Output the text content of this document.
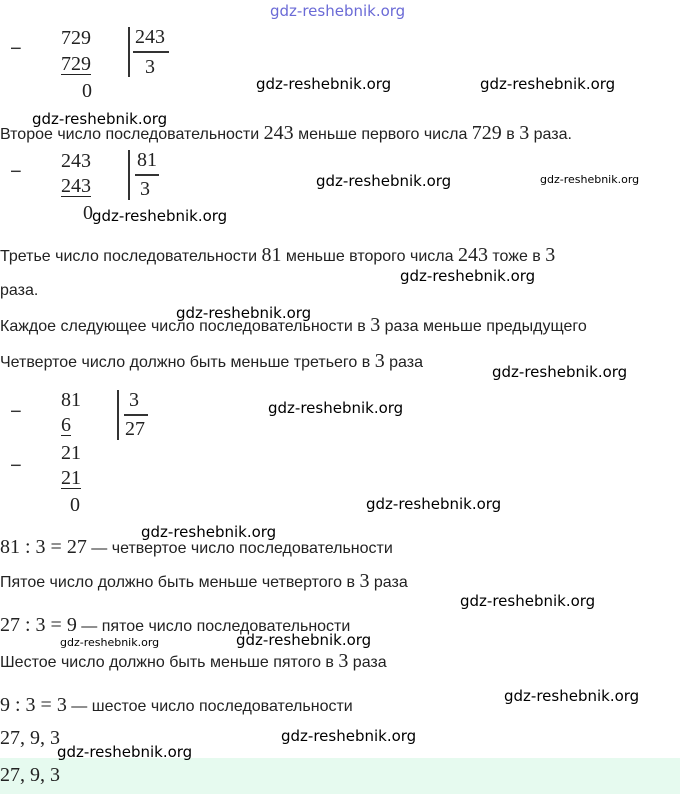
gdz-reshebnik.org
− 729
729
0
243
3
gdz-reshebnik.org	gdz-reshebnik.org
gdz-reshebnik.org
Второе число последовательности 243 меньше первого числа 729 в 3 раза.
− 243
243
0
81
3	gdz-reshebnik.org	gdz-reshebnik.org
gdz-reshebnik.org
Третье число последовательности 81 меньше второго числа 243 тоже в 3
gdz-reshebnik.org
раза.
gdz-reshebnik.org
Каждое следующее число последовательности в 3 раза меньше предыдущего
Четвертое число должно быть меньше третьего в 3 раза
gdz-reshebnik.org
−
81
6
−
21
21
0
3
27
gdz-reshebnik.org
gdz-reshebnik.org
gdz-reshebnik.org
81 : 3 = 27 — четвертое число последовательности
Пятое число должно быть меньше четвертого в 3 раза
gdz-reshebnik.org
27 : 3 = 9 — пятое число последовательности
gdz-reshebnik.org	gdz-reshebnik.org
Шестое число должно быть меньше пятого в 3 раза
gdz-reshebnik.org
9 : 3 = 3 — шестое число последовательности
27, 9, 3	gdz-reshebnik.org
27, 9, 3
gdz-reshebnik.org
